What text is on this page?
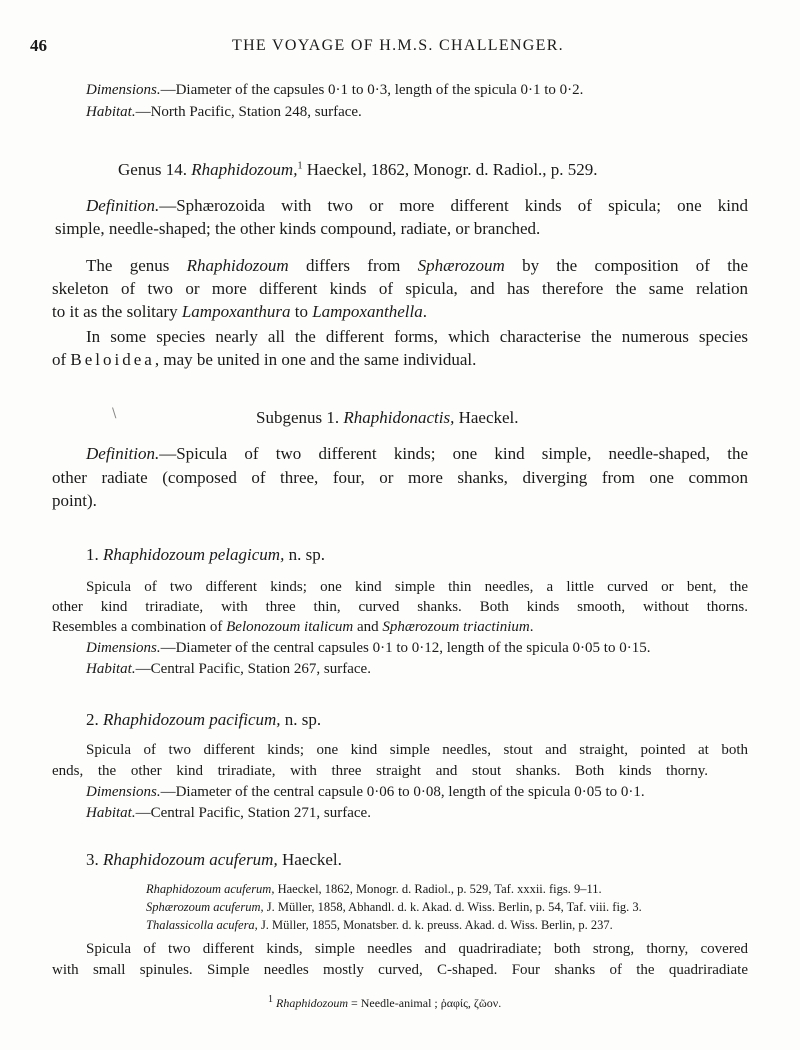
46	THE VOYAGE OF H.M.S. CHALLENGER.

Dimensions.—Diameter of the capsules 0·1 to 0·3, length of the spicula 0·1 to 0·2.

Habitat.—North Pacific, Station 248, surface.

Genus 14. Rhaphidozoum,$^1$ Haeckel, 1862, Monogr. d. Radiol., p. 529.

Definition.—Sphærozoida with two or more different kinds of spicula; one kind

simple, needle-shaped; the other kinds compound, radiate, or branched.

The genus Rhaphidozoum differs from Sphærozoum by the composition of the

skeleton of two or more different kinds of spicula, and has therefore the same relation

to it as the solitary Lampoxanthura to Lampoxanthella.

In some species nearly all the different forms, which characterise the numerous species

of Beloidea, may be united in one and the same individual.

\	Subgenus 1. Rhaphidonactis, Haeckel.

Definition.—Spicula of two different kinds; one kind simple, needle-shaped, the

other radiate (composed of three, four, or more shanks, diverging from one common

point).

1. Rhaphidozoum pelagicum, n. sp.

Spicula of two different kinds; one kind simple thin needles, a little curved or bent, the

other kind triradiate, with three thin, curved shanks. Both kinds smooth, without thorns.

Resembles a combination of Belonozoum italicum and Sphærozoum triactinium.

Dimensions.—Diameter of the central capsules 0·1 to 0·12, length of the spicula 0·05 to 0·15.

Habitat.—Central Pacific, Station 267, surface.

2. Rhaphidozoum pacificum, n. sp.

Spicula of two different kinds; one kind simple needles, stout and straight, pointed at both

ends, the other kind triradiate, with three straight and stout shanks. Both kinds thorny.

Dimensions.—Diameter of the central capsule 0·06 to 0·08, length of the spicula 0·05 to 0·1.

Habitat.—Central Pacific, Station 271, surface.

3. Rhaphidozoum acuferum, Haeckel.

Rhaphidozoum acuferum, Haeckel, 1862, Monogr. d. Radiol., p. 529, Taf. xxxii. figs. 9–11.

Sphærozoum acuferum, J. Müller, 1858, Abhandl. d. k. Akad. d. Wiss. Berlin, p. 54, Taf. viii. fig. 3.

Thalassicolla acufera, J. Müller, 1855, Monatsber. d. k. preuss. Akad. d. Wiss. Berlin, p. 237.

Spicula of two different kinds, simple needles and quadriradiate; both strong, thorny, covered

with small spinules. Simple needles mostly curved, C-shaped. Four shanks of the quadriradiate

$^1$ Rhaphidozoum = Needle-animal ; ῥαφίς, ζῶον.
